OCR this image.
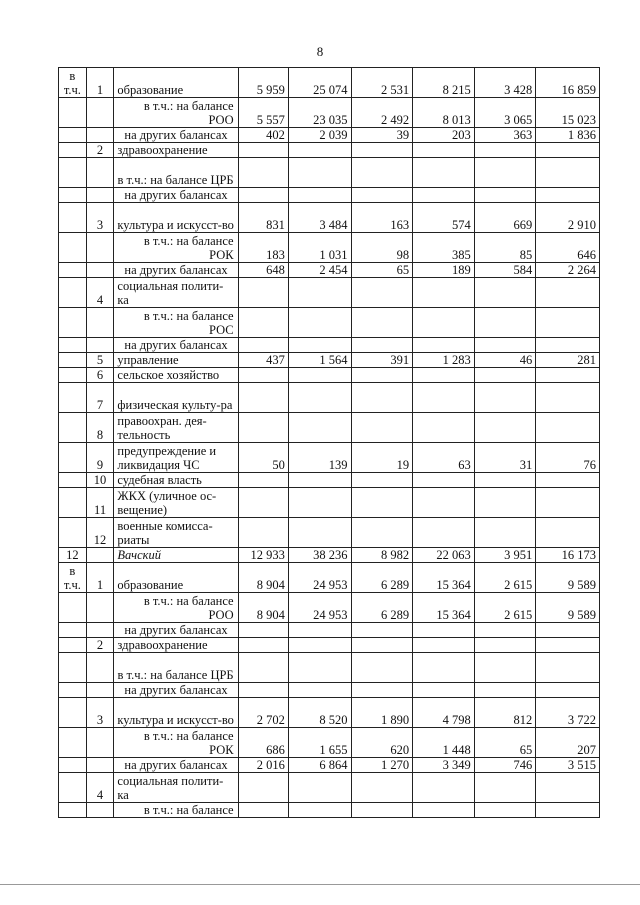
8
в т.ч.	1	образование	5 959	25 074	2 531	8 215	3 428	16 859
		в т.ч.: на балансе РОО	5 557	23 035	2 492	8 013	3 065	15 023
		на других балансах	402	2 039	39	203	363	1 836
	2	здравоохранение						
		в т.ч.: на балансе ЦРБ						
		на других балансах						
	3	культура и искусст-во	831	3 484	163	574	669	2 910
		в т.ч.: на балансе РОК	183	1 031	98	385	85	646
		на других балансах	648	2 454	65	189	584	2 264
	4	социальная полити-ка						
		в т.ч.: на балансе РОС						
		на других балансах						
	5	управление	437	1 564	391	1 283	46	281
	6	сельское хозяйство						
	7	физическая культу-ра						
	8	правоохран. дея-тельность						
	9	предупреждение и ликвидация ЧС	50	139	19	63	31	76
	10	судебная власть						
	11	ЖКХ (уличное ос-вещение)						
	12	военные комисса-риаты						
12		Вачский	12 933	38 236	8 982	22 063	3 951	16 173
в т.ч.	1	образование	8 904	24 953	6 289	15 364	2 615	9 589
		в т.ч.: на балансе РОО	8 904	24 953	6 289	15 364	2 615	9 589
		на других балансах						
	2	здравоохранение						
		в т.ч.: на балансе ЦРБ						
		на других балансах						
	3	культура и искусст-во	2 702	8 520	1 890	4 798	812	3 722
		в т.ч.: на балансе РОК	686	1 655	620	1 448	65	207
		на других балансах	2 016	6 864	1 270	3 349	746	3 515
	4	социальная полити-ка						
		в т.ч.: на балансе						
